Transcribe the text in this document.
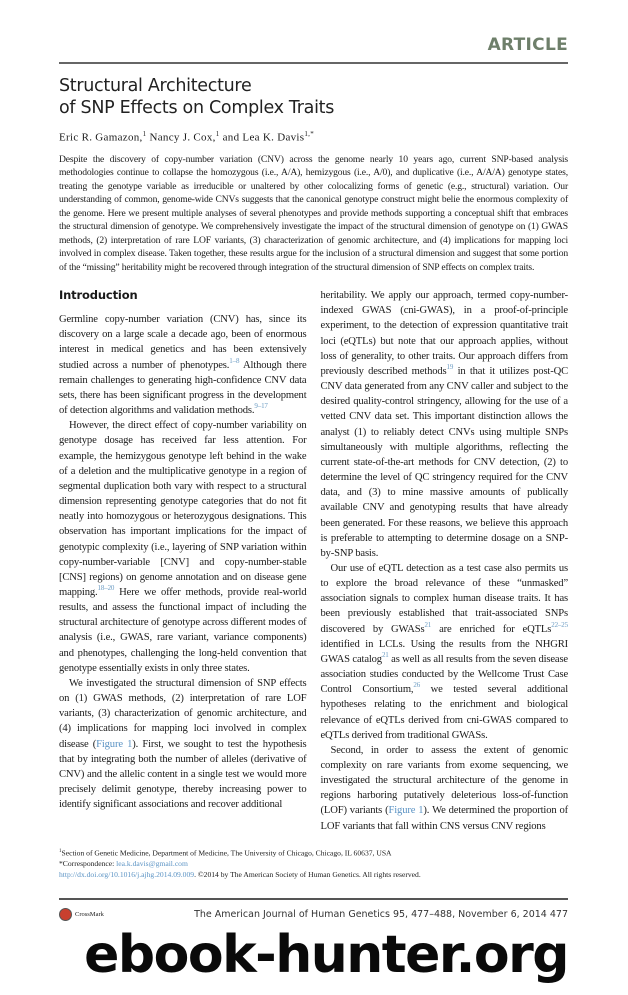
ARTICLE
Structural Architecture
of SNP Effects on Complex Traits
Eric R. Gamazon,$^1$ Nancy J. Cox,$^1$ and Lea K. Davis$^{1,*}$
Despite the discovery of copy-number variation (CNV) across the genome nearly 10 years ago, current SNP-based analysis methodologies continue to collapse the homozygous (i.e., A/A), hemizygous (i.e., A/0), and duplicative (i.e., A/A/A) genotype states, treating the genotype variable as irreducible or unaltered by other colocalizing forms of genetic (e.g., structural) variation. Our understanding of common, genome-wide CNVs suggests that the canonical genotype construct might belie the enormous complexity of the genome. Here we present multiple analyses of several phenotypes and provide methods supporting a conceptual shift that embraces the structural dimension of genotype. We comprehensively investigate the impact of the structural dimension of genotype on (1) GWAS methods, (2) interpretation of rare LOF variants, (3) characterization of genomic architecture, and (4) implications for mapping loci involved in complex disease. Taken together, these results argue for the inclusion of a structural dimension and suggest that some portion of the “missing” heritability might be recovered through integration of the structural dimension of SNP effects on complex traits.
Introduction

Germline copy-number variation (CNV) has, since its discovery on a large scale a decade ago, been of enormous interest in medical genetics and has been extensively studied across a number of phenotypes.$^{1-8}$ Although there remain challenges to generating high-confidence CNV data sets, there has been significant progress in the development of detection algorithms and validation methods.$^{9-17}$

However, the direct effect of copy-number variability on genotype dosage has received far less attention. For example, the hemizygous genotype left behind in the wake of a deletion and the multiplicative genotype in a region of segmental duplication both vary with respect to a structural dimension representing genotype categories that do not fit neatly into homozygous or heterozygous designations. This observation has important implications for the impact of genotypic complexity (i.e., layering of SNP variation within copy-number-variable [CNV] and copy-number-stable [CNS] regions) on genome annotation and on disease gene mapping.$^{18-20}$ Here we offer methods, provide real-world results, and assess the functional impact of including the structural architecture of genotype across different modes of analysis (i.e., GWAS, rare variant, variance components) and phenotypes, challenging the long-held convention that genotype essentially exists in only three states.

We investigated the structural dimension of SNP effects on (1) GWAS methods, (2) interpretation of rare LOF variants, (3) characterization of genomic architecture, and (4) implications for mapping loci involved in complex disease (Figure 1). First, we sought to test the hypothesis that by integrating both the number of alleles (derivative of CNV) and the allelic content in a single test we would more precisely delimit genotype, thereby increasing power to identify significant associations and recover additional

heritability. We apply our approach, termed copy-number-indexed GWAS (cni-GWAS), in a proof-of-principle experiment, to the detection of expression quantitative trait loci (eQTLs) but note that our approach applies, without loss of generality, to other traits. Our approach differs from previously described methods$^{19}$ in that it utilizes post-QC CNV data generated from any CNV caller and subject to the desired quality-control stringency, allowing for the use of a vetted CNV data set. This important distinction allows the analyst (1) to reliably detect CNVs using multiple SNPs simultaneously with multiple algorithms, reflecting the current state-of-the-art methods for CNV detection, (2) to determine the level of QC stringency required for the CNV data, and (3) to mine massive amounts of publically available CNV and genotyping results that have already been generated. For these reasons, we believe this approach is preferable to attempting to determine dosage on a SNP-by-SNP basis.

Our use of eQTL detection as a test case also permits us to explore the broad relevance of these “unmasked” association signals to complex human disease traits. It has been previously established that trait-associated SNPs discovered by GWASs$^{21}$ are enriched for eQTLs$^{22-25}$ identified in LCLs. Using the results from the NHGRI GWAS catalog$^{21}$ as well as all results from the seven disease association studies conducted by the Wellcome Trust Case Control Consortium,$^{26}$ we tested several additional hypotheses relating to the enrichment and biological relevance of eQTLs derived from cni-GWAS compared to eQTLs derived from traditional GWASs.

Second, in order to assess the extent of genomic complexity on rare variants from exome sequencing, we investigated the structural architecture of the genome in regions harboring putatively deleterious loss-of-function (LOF) variants (Figure 1). We determined the proportion of LOF variants that fall within CNS versus CNV regions

$^1$Section of Genetic Medicine, Department of Medicine, The University of Chicago, Chicago, IL 60637, USA
*Correspondence: lea.k.davis@gmail.com
http://dx.doi.org/10.1016/j.ajhg.2014.09.009. ©2014 by The American Society of Human Genetics. All rights reserved.
CrossMark	The American Journal of Human Genetics 95, 477–488, November 6, 2014 477
ebook-hunter.org
